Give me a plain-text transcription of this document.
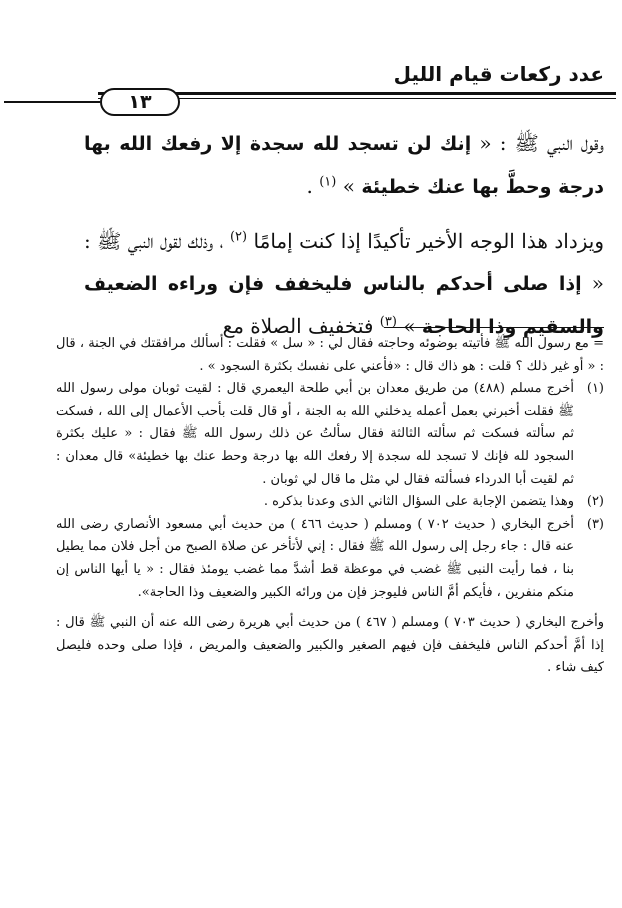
عدد ركعات قيام الليل
١٣

وقول النبي ﷺ : « إنك لن تسجد لله سجدة إلا رفعك الله بها درجة وحطَّ بها عنك خطيئة » $^{(١)}$ .

ويزداد هذا الوجه الأخير تأكيدًا إذا كنت إمامًا $^{(٢)}$ ، وذلك لقول النبي ﷺ : « إذا صلى أحدكم بالناس فليخفف فإن وراءه الضعيف والسقيم وذا الحاجة » $^{(٣)}$ فتخفيف الصلاة مع

= مع رسول الله ﷺ فأتيته بوضوئه وحاجته فقال لي : « سل » فقلت : أسألك مرافقتك في الجنة ، قال : « أو غير ذلك ؟ قلت : هو ذاك قال : «فأعني على نفسك بكثرة السجود » .

(١)
أخرج مسلم (٤٨٨) من طريق معدان بن أبي طلحة اليعمري قال : لقيت ثوبان مولى رسول الله ﷺ فقلت أخبرني بعمل أعمله يدخلني الله به الجنة ، أو قال قلت بأحب الأعمال إلى الله ، فسكت ثم سألته فسكت ثم سألته الثالثة فقال سألتُ عن ذلك رسول الله ﷺ فقال : « عليك بكثرة السجود لله فإنك لا تسجد لله سجدة إلا رفعك الله بها درجة وحط عنك بها خطيئة» قال معدان : ثم لقيت أبا الدرداء فسألته فقال لي مثل ما قال لي ثوبان .

(٢)
وهذا يتضمن الإجابة على السؤال الثاني الذى وعدنا بذكره .

(٣)
أخرج البخاري ( حديث ٧٠٢ ) ومسلم ( حديث ٤٦٦ ) من حديث أبي مسعود الأنصاري رضى الله عنه قال : جاء رجل إلى رسول الله ﷺ فقال : إني لأتأخر عن صلاة الصبح من أجل فلان مما يطيل بنا ، فما رأيت النبى ﷺ غضب في موعظة قط أشدَّ مما غضب يومئذ فقال : « يا أيها الناس إن منكم منفرين ، فأيكم أمَّ الناس فليوجز فإن من ورائه الكبير والضعيف وذا الحاجة».

وأخرج البخاري ( حديث ٧٠٣ ) ومسلم ( ٤٦٧ ) من حديث أبي هريرة رضى الله عنه أن النبي ﷺ قال : إذا أمَّ أحدكم الناس فليخفف فإن فيهم الصغير والكبير والضعيف والمريض ، فإذا صلى وحده فليصل كيف شاء .
